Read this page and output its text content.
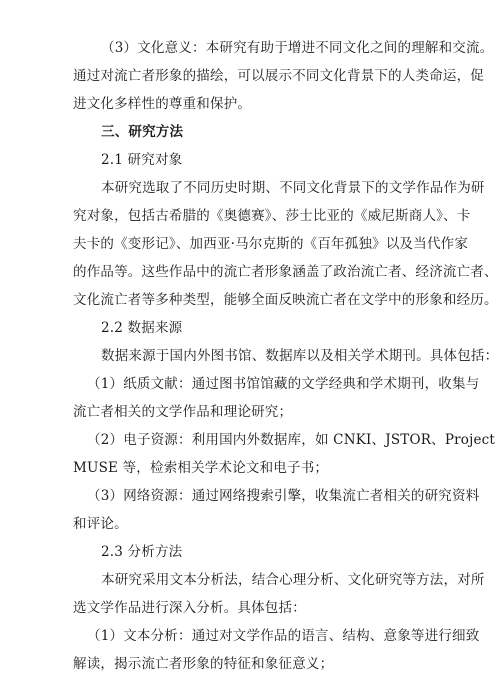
（3）文化意义：本研究有助于增进不同文化之间的理解和交流。
通过对流亡者形象的描绘，可以展示不同文化背景下的人类命运，促
进文化多样性的尊重和保护。
三、研究方法
2.1 研究对象
本研究选取了不同历史时期、不同文化背景下的文学作品作为研
究对象，包括古希腊的《奥德赛》、莎士比亚的《威尼斯商人》、卡
夫卡的《变形记》、加西亚·马尔克斯的《百年孤独》以及当代作家
的作品等。这些作品中的流亡者形象涵盖了政治流亡者、经济流亡者、
文化流亡者等多种类型，能够全面反映流亡者在文学中的形象和经历。
2.2 数据来源
数据来源于国内外图书馆、数据库以及相关学术期刊。具体包括：
（1）纸质文献：通过图书馆馆藏的文学经典和学术期刊，收集与
流亡者相关的文学作品和理论研究；
（2）电子资源：利用国内外数据库，如 CNKI、JSTOR、Project
MUSE 等，检索相关学术论文和电子书；
（3）网络资源：通过网络搜索引擎，收集流亡者相关的研究资料
和评论。
2.3 分析方法
本研究采用文本分析法，结合心理分析、文化研究等方法，对所
选文学作品进行深入分析。具体包括：
（1）文本分析：通过对文学作品的语言、结构、意象等进行细致
解读，揭示流亡者形象的特征和象征意义；
